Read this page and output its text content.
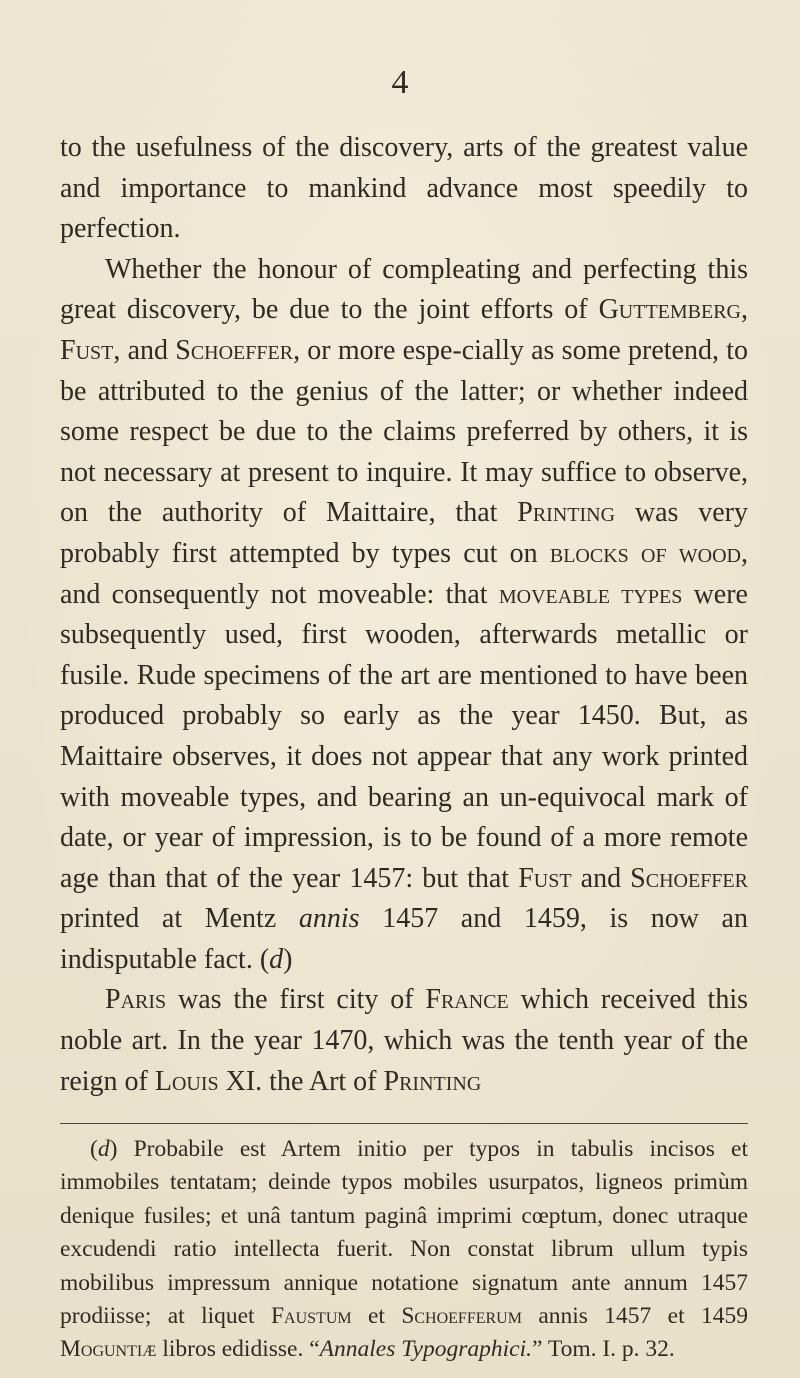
4

to the usefulness of the discovery, arts of the greatest value and importance to mankind advance most speedily to perfection.

Whether the honour of compleating and perfecting this great discovery, be due to the joint efforts of Guttemberg, Fust, and Schoeffer, or more espe-cially as some pretend, to be attributed to the genius of the latter; or whether indeed some respect be due to the claims preferred by others, it is not necessary at present to inquire. It may suffice to observe, on the authority of Maittaire, that Printing was very probably first attempted by types cut on blocks of wood, and consequently not moveable: that moveable types were subsequently used, first wooden, afterwards metallic or fusile. Rude specimens of the art are mentioned to have been produced probably so early as the year 1450. But, as Maittaire observes, it does not appear that any work printed with moveable types, and bearing an un-equivocal mark of date, or year of impression, is to be found of a more remote age than that of the year 1457: but that Fust and Schoeffer printed at Mentz annis 1457 and 1459, is now an indisputable fact. (d)

Paris was the first city of France which received this noble art. In the year 1470, which was the tenth year of the reign of Louis XI. the Art of Printing

(d) Probabile est Artem initio per typos in tabulis incisos et immobiles tentatam; deinde typos mobiles usurpatos, ligneos primùm denique fusiles; et unâ tantum paginâ imprimi cœptum, donec utraque excudendi ratio intellecta fuerit. Non constat librum ullum typis mobilibus impressum annique notatione signatum ante annum 1457 prodiisse; at liquet Faustum et Schoefferum annis 1457 et 1459 Moguntiæ libros edidisse. “Annales Typographici.” Tom. I. p. 32.
